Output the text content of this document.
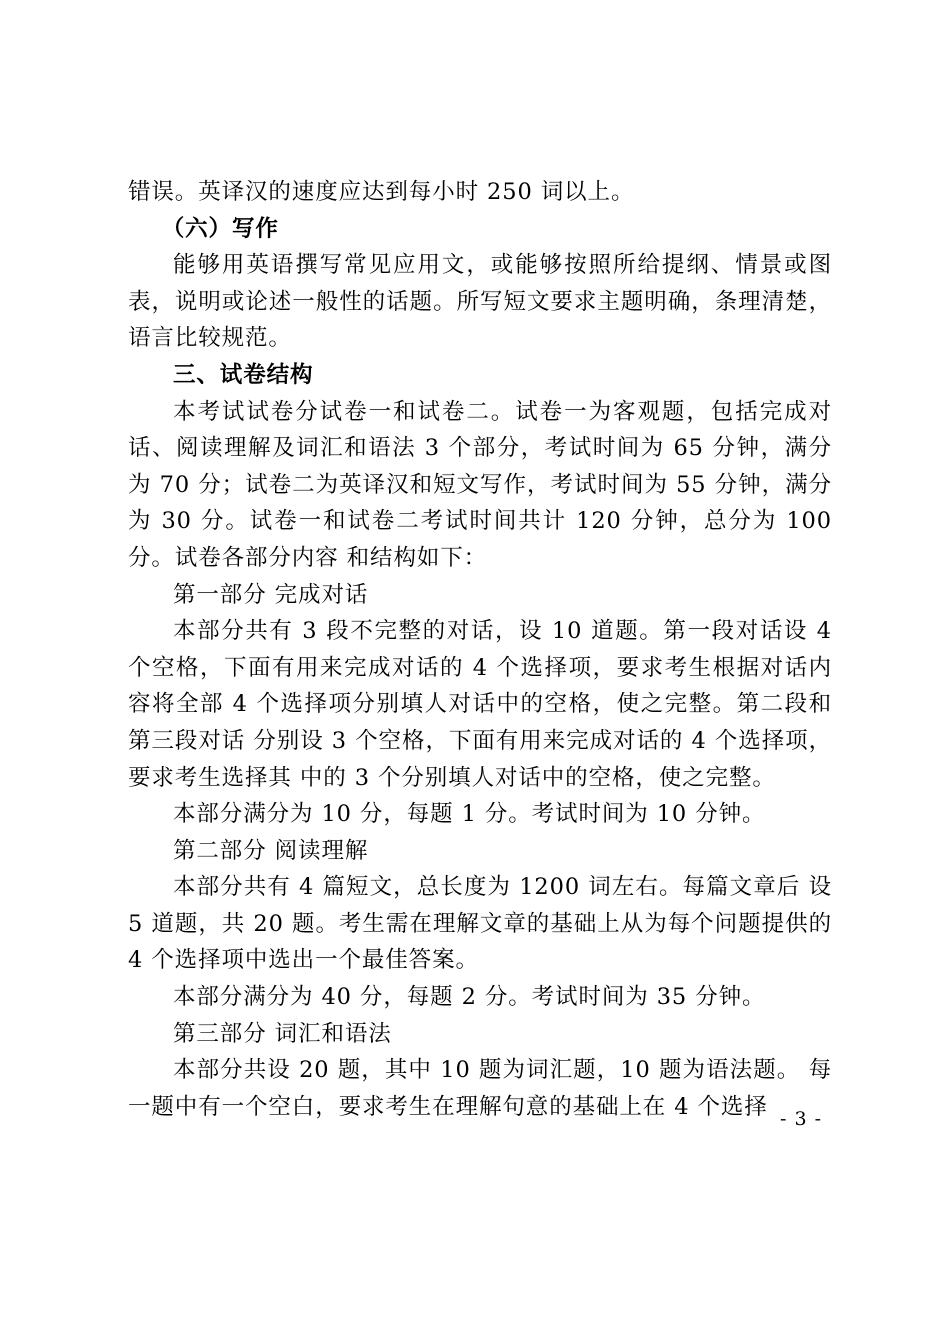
错误。英译汉的速度应达到每小时 250 词以上。

（六）写作

能够用英语撰写常见应用文，或能够按照所给提纲、情景或图表，说明或论述一般性的话题。所写短文要求主题明确，条理清楚，语言比较规范。

三、试卷结构

本考试试卷分试卷一和试卷二。试卷一为客观题，包括完成对话、阅读理解及词汇和语法 3 个部分，考试时间为 65 分钟，满分为 70 分；试卷二为英译汉和短文写作，考试时间为 55 分钟，满分为 30 分。试卷一和试卷二考试时间共计 120 分钟，总分为 100 分。试卷各部分内容 和结构如下：

第一部分 完成对话

本部分共有 3 段不完整的对话，设 10 道题。第一段对话设 4 个空格，下面有用来完成对话的 4 个选择项，要求考生根据对话内容将全部 4 个选择项分别填人对话中的空格，使之完整。第二段和第三段对话 分别设 3 个空格，下面有用来完成对话的 4 个选择项，要求考生选择其 中的 3 个分别填人对话中的空格，使之完整。

本部分满分为 10 分，每题 1 分。考试时间为 10 分钟。

第二部分 阅读理解

本部分共有 4 篇短文，总长度为 1200 词左右。每篇文章后 设 5 道题，共 20 题。考生需在理解文章的基础上从为每个问题提供的 4 个选择项中选出一个最佳答案。

本部分满分为 40 分，每题 2 分。考试时间为 35 分钟。

第三部分 词汇和语法

本部分共设 20 题，其中 10 题为词汇题，10 题为语法题。 每一题中有一个空白，要求考生在理解句意的基础上在 4 个选择 - 3 -
